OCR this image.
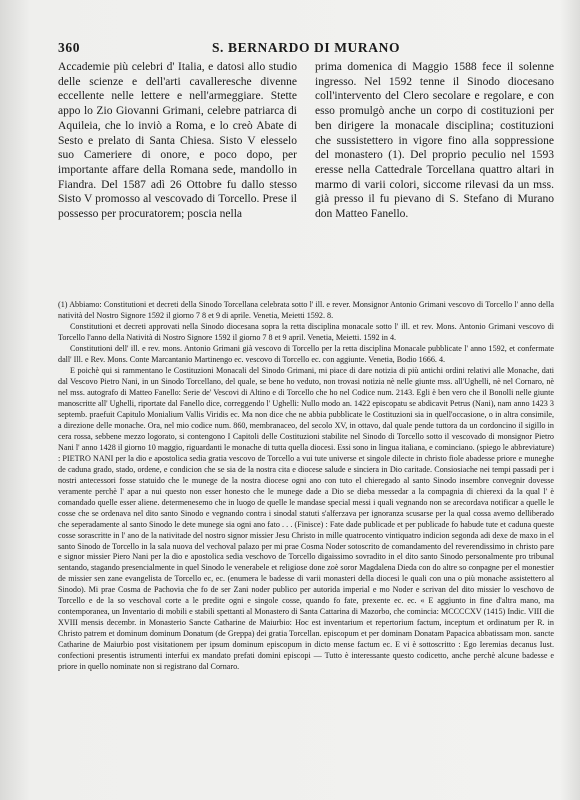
360	S. BERNARDO DI MURANO

Accademie più celebri d' Italia, e datosi allo studio delle scienze e dell'arti cavalleresche divenne eccellente nelle lettere e nell'armeggiare. Stette appo lo Zio Giovanni Grimani, celebre patriarca di Aquileia, che lo inviò a Roma, e lo creò Abate di Sesto e prelato di Santa Chiesa. Sisto V elesselo suo Cameriere di onore, e poco dopo, per importante affare della Romana sede, mandollo in Fiandra. Del 1587 adì 26 Ottobre fu dallo stesso Sisto V promosso al vescovado di Torcello. Prese il possesso per procuratorem; poscia nella

prima domenica di Maggio 1588 fece il solenne ingresso. Nel 1592 tenne il Sinodo diocesano coll'intervento del Clero secolare e regolare, e con esso promulgò anche un corpo di costituzioni per ben dirigere la monacale disciplina; costituzioni che sussistettero in vigore fino alla soppressione del monastero (1). Del proprio peculio nel 1593 eresse nella Cattedrale Torcellana quattro altari in marmo di varii colori, siccome rilevasi da un mss. già presso il fu pievano di S. Stefano di Murano don Matteo Fanello.

(1) Abbiamo: Constitutioni et decreti della Sinodo Torcellana celebrata sotto l' ill. e rever. Monsignor Antonio Grimani vescovo di Torcello l' anno della natività del Nostro Signore 1592 il giorno 7 8 et 9 di aprile. Venetia, Meietti 1592. 8.

Constitutioni et decreti approvati nella Sinodo diocesana sopra la retta disciplina monacale sotto l' ill. et rev. Mons. Antonio Grimani vescovo di Torcello l'anno della Natività di Nostro Signore 1592 il giorno 7 8 et 9 april. Venetia, Meietti. 1592 in 4.

Constitutioni dell' ill. e rev. mons. Antonio Grimani già vescovo di Torcello per la retta disciplina Monacale pubblicate l' anno 1592, et confermate dall' Ill. e Rev. Mons. Conte Marcantanio Martinengo ec. vescovo di Torcello ec. con aggiunte. Venetia, Bodio 1666. 4.

E poichè qui si rammentano le Costituzioni Monacali del Sinodo Grimani, mi piace di dare notizia di più antichi ordini relativi alle Monache, dati dal Vescovo Pietro Nani, in un Sinodo Torcellano, del quale, se bene ho veduto, non trovasi notizia nè nelle giunte mss. all'Ughelli, nè nel Cornaro, nè nel mss. autografo di Matteo Fanello: Serie de' Vescovi di Altino e di Torcello che ho nel Codice num. 2143. Egli è ben vero che il Bonolli nelle giunte manoscritte all' Ughelli, riportate dal Fanello dice, correggendo l' Ughelli: Nullo modo an. 1422 episcopatu se abdicavit Petrus (Nani), nam anno 1423 3 septemb. praefuit Capitulo Monialium Vallis Viridis ec. Ma non dice che ne abbia pubblicate le Costituzioni sia in quell'occasione, o in altra consimile, a direzione delle monache. Ora, nel mio codice num. 860, membranaceo, del secolo XV, in ottavo, dal quale pende tuttora da un cordoncino il sigillo in cera rossa, sebbene mezzo logorato, si contengono I Capitoli delle Costituzioni stabilite nel Sinodo di Torcello sotto il vescovado di monsignor Pietro Nani l' anno 1428 il giorno 10 maggio, riguardanti le monache di tutta quella diocesi. Essi sono in lingua italiana, e cominciano. (spiego le abbreviature) : PIETRO NANI per la dio e apostolica sedia gratia vescovo de Torcello a vui tute universe et singole dilecte in christo fiole abadesse priore e muneghe de caduna grado, stado, ordene, e condicion che se sia de la nostra cita e diocese salude e sinciera in Dio caritade. Consiosiache nei tempi passadi per i nostri antecessori fosse statuido che le munege de la nostra diocese ogni ano con tuto el chieregado al santo Sinodo insembre convegnir dovesse veramente perchè l' apar a nui questo non esser honesto che le munege dade a Dio se dieba messedar a la compagnia di chierexi da la qual l' è comandado quelle esser aliene. determenesemo che in luogo de quelle le mandase special messi i quali vegnando non se arecordava notificar a quelle le cosse che se ordenava nel dito santo Sinodo e vegnando contra i sinodal statuti s'alferzava per ignoranza scusarse per la qual cossa avemo delliberado che seperadamente al santo Sinodo le dete munege sia ogni ano fato . . . (Finisce) : Fate dade publicade et per publicade fo habude tute et caduna queste cosse sorascritte in l' ano de la nativitade del nostro signor missier Jesu Christo in mille quatrocento vintiquatro indicion segonda adi dexe de maxo in el santo Sinodo de Torcello in la sala nuova del vechoval palazo per mi prae Cosma Noder sotoscrito de comandamento del reverendissimo in christo pare e signor missier Piero Nani per la dio e apostolica sedia veschovo de Torcello digaissimo sovradito in el dito santo Sinodo personalmente pro tribunal sentando, stagando presencialmente in quel Sinodo le venerabele et religiose done zoè soror Magdalena Dieda con do altre so conpagne per el monestier de missier sen zane evangelista de Torcello ec, ec. (enumera le badesse di varii monasteri della diocesi le quali con una o più monache assistettero al Sinodo). Mi prae Cosma de Pachovia che fo de ser Zani noder publico per autorida imperial e mo Noder e scrivan del dito missier lo veschovo de Torcello e de la so veschoval corte a le predite ogni e singole cosse, quando fo fate, prexente ec. ec. « E aggiunto in fine d'altra mano, ma contemporanea, un Inventario di mobili e stabili spettanti al Monastero di Santa Cattarina di Mazorbo, che comincia: MCCCCXV (1415) Indic. VIII die XVIII mensis decembr. in Monasterio Sancte Catharine de Maiurbio: Hoc est inventarium et repertorium factum, inceptum et ordinatum per R. in Christo patrem et dominum dominum Donatum (de Greppa) dei gratia Torcellan. episcopum et per dominam Donatam Papacica abbatissam mon. sancte Catharine de Maiurbio post visitationem per ipsum dominum episcopum in dicto mense factum ec. E vi è sottoscritto : Ego Ieremias decanus Iust. confectioni presentis istrumenti interfui ex mandato prefati domini episcopi — Tutto è interessante questo codicetto, anche perchè alcune badesse e priore in quello nominate non si registrano dal Cornaro.
